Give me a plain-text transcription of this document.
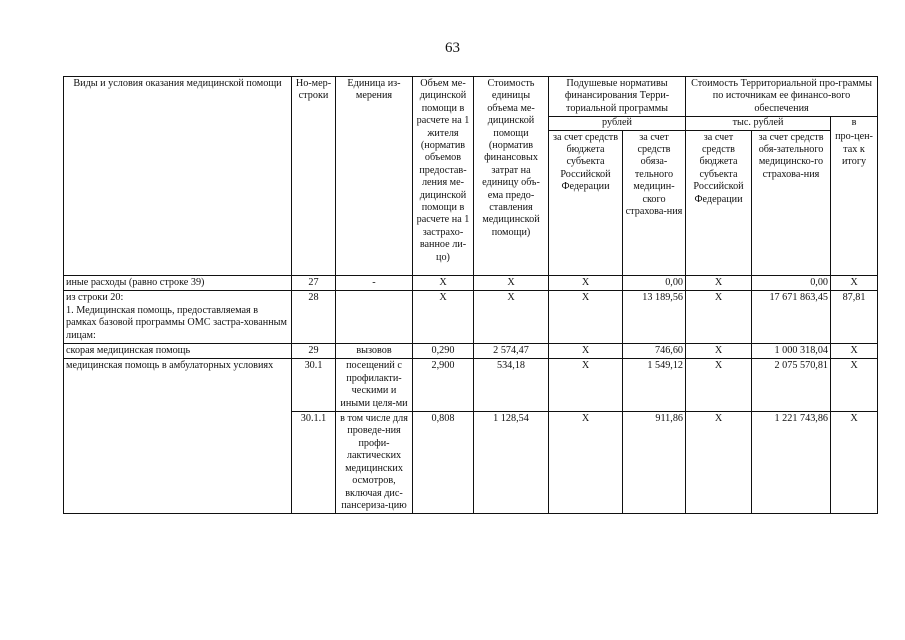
63
Виды и условия оказания медицинской помощи	Но-мер-строки	Единица из-мерения	Объем ме-дицинской помощи в расчете на 1 жителя (норматив объемов предостав-ления ме-дицинской помощи в расчете на 1 застрахо-ванное ли-цо)	Стоимость единицы объема ме-дицинской помощи (норматив финансовых затрат на единицу объ-ема предо-ставления медицинской помощи)	Подушевые нормативы финансирования Терри-ториальной программы		Стоимость Территориальной про-граммы по источникам ее финансо-вого обеспечения		
					рублей		тыс. рублей		в
					за счет средств бюджета субъекта Российской Федерации	за счет средств обяза-тельного медицин-ского страхова-ния	за счет средств бюджета субъекта Российской Федерации	за счет средств обя-зательного медицинско-го страхова-ния	про-цен-тах к итогу
иные расходы (равно строке 39)	27	-	X	X	X	0,00	X	0,00	X
из строки 20:
1. Медицинская помощь, предоставляемая в рамках базовой программы ОМС застра-хованным лицам:	28		X	X	X	13 189,56	X	17 671 863,45	87,81
скорая медицинская помощь	29	вызовов	0,290	2 574,47	X	746,60	X	1 000 318,04	X
медицинская помощь в амбулаторных условиях	30.1	посещений с профилакти-ческими и иными целя-ми	2,900	534,18	X	1 549,12	X	2 075 570,81	X
	30.1.1	в том числе для проведе-ния профи-лактических медицинских осмотров, включая дис-пансериза-цию	0,808	1 128,54	X	911,86	X	1 221 743,86	X
